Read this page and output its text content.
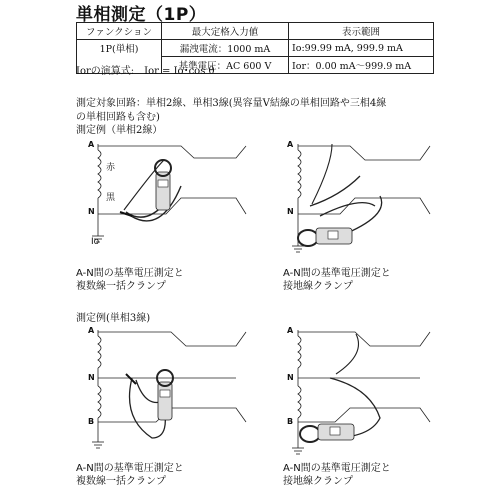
単相測定（1P）
ファンクション	最大定格入力値	表示範囲
1P(単相)	漏洩電流：1000 mA	Io:99.99 mA, 999.9 mA
	基準電圧：AC 600 V	Ior：0.00 mA～999.9 mA
Iorの演算式:　Ior = Io･cos θ
測定対象回路：単相2線、単相3線(異容量V結線の単相回路や三相4線
の単相回路も含む)
測定例（単相2線）
測定例(単相3線)
A
N
赤
黒
Io
A
N
A-N間の基準電圧測定と
複数線一括クランプ
A-N間の基準電圧測定と
接地線クランプ
A
N
B
A
N
B
A-N間の基準電圧測定と
複数線一括クランプ
A-N間の基準電圧測定と
接地線クランプ
